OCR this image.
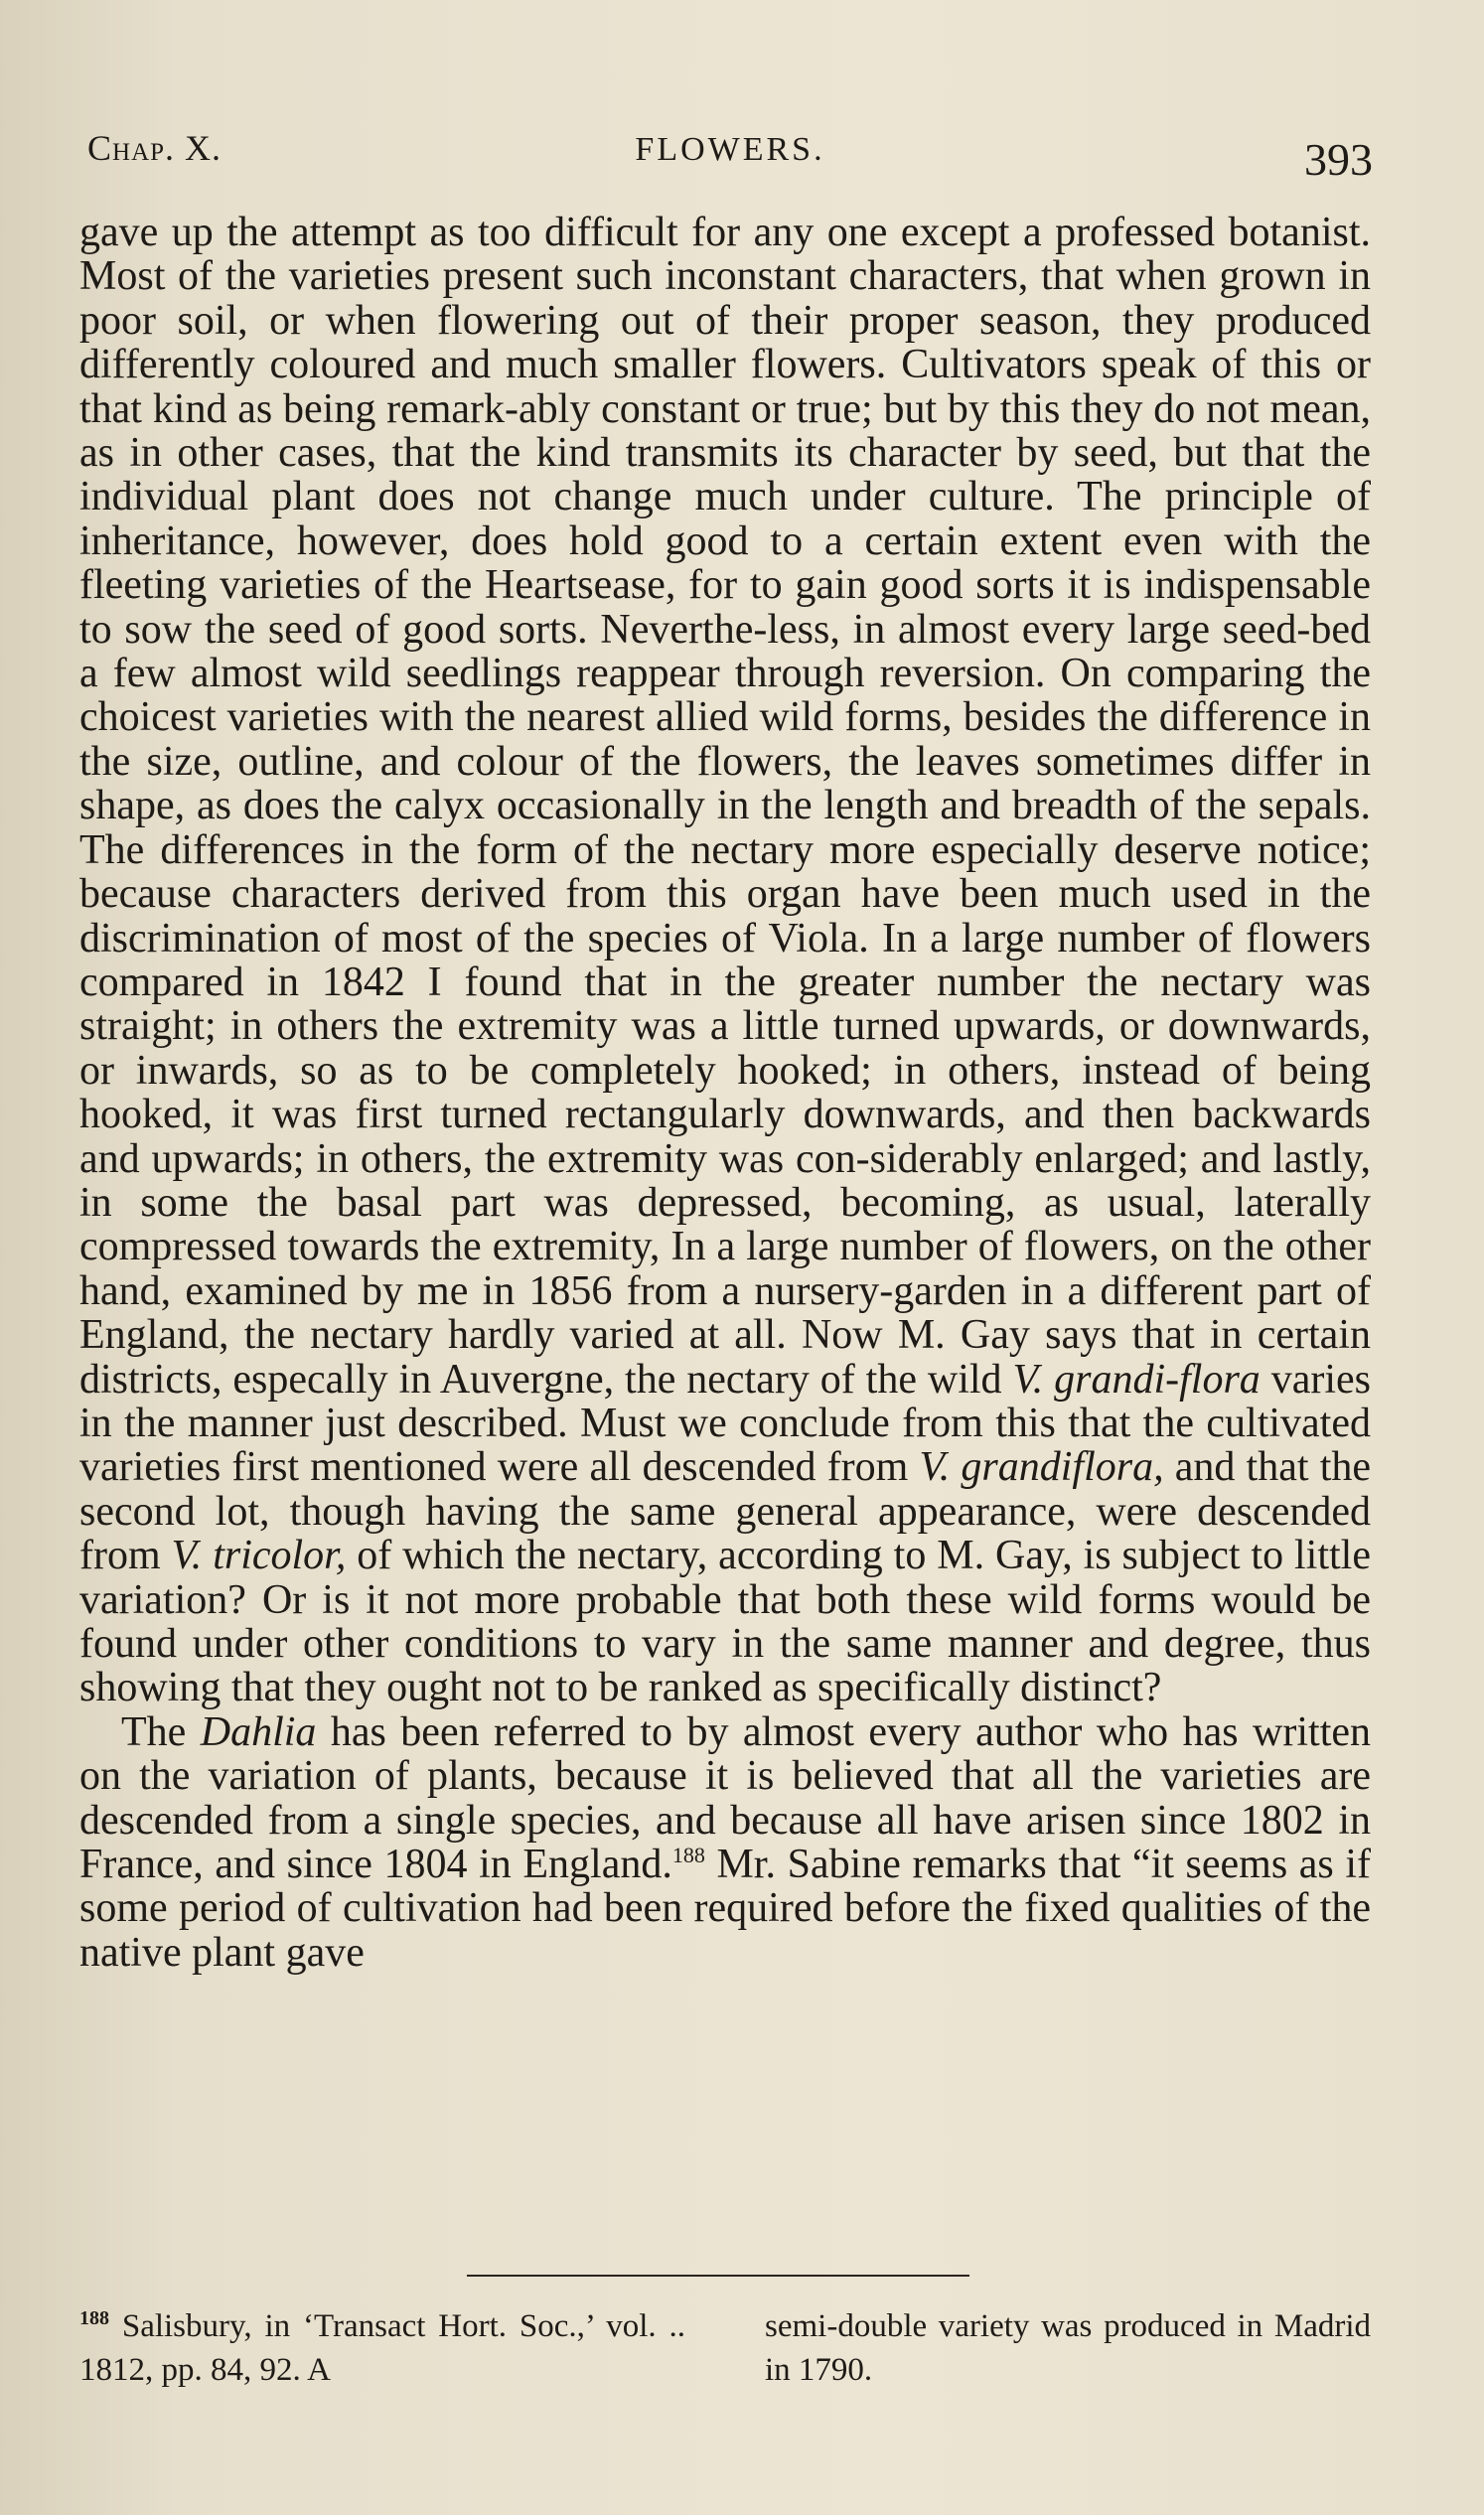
Chap. X.	FLOWERS.	393

gave up the attempt as too difficult for any one except a professed botanist. Most of the varieties present such inconstant characters, that when grown in poor soil, or when flowering out of their proper season, they produced differently coloured and much smaller flowers. Cultivators speak of this or that kind as being remark-ably constant or true; but by this they do not mean, as in other cases, that the kind transmits its character by seed, but that the individual plant does not change much under culture. The principle of inheritance, however, does hold good to a certain extent even with the fleeting varieties of the Heartsease, for to gain good sorts it is indispensable to sow the seed of good sorts. Neverthe-less, in almost every large seed-bed a few almost wild seedlings reappear through reversion. On comparing the choicest varieties with the nearest allied wild forms, besides the difference in the size, outline, and colour of the flowers, the leaves sometimes differ in shape, as does the calyx occasionally in the length and breadth of the sepals. The differences in the form of the nectary more especially deserve notice; because characters derived from this organ have been much used in the discrimination of most of the species of Viola. In a large number of flowers compared in 1842 I found that in the greater number the nectary was straight; in others the extremity was a little turned upwards, or downwards, or inwards, so as to be completely hooked; in others, instead of being hooked, it was first turned rectangularly downwards, and then backwards and upwards; in others, the extremity was con-siderably enlarged; and lastly, in some the basal part was depressed, becoming, as usual, laterally compressed towards the extremity, In a large number of flowers, on the other hand, examined by me in 1856 from a nursery-garden in a different part of England, the nectary hardly varied at all. Now M. Gay says that in certain districts, especally in Auvergne, the nectary of the wild V. grandi-flora varies in the manner just described. Must we conclude from this that the cultivated varieties first mentioned were all descended from V. grandiflora, and that the second lot, though having the same general appearance, were descended from V. tricolor, of which the nectary, according to M. Gay, is subject to little variation? Or is it not more probable that both these wild forms would be found under other conditions to vary in the same manner and degree, thus showing that they ought not to be ranked as specifically distinct?

The Dahlia has been referred to by almost every author who has written on the variation of plants, because it is believed that all the varieties are descended from a single species, and because all have arisen since 1802 in France, and since 1804 in England.$^{188}$ Mr. Sabine remarks that “it seems as if some period of cultivation had been required before the fixed qualities of the native plant gave

$^{188}$ Salisbury, in ‘Transact Hort. Soc.,’ vol. .. 1812, pp. 84, 92. A
semi-double variety was produced in Madrid in 1790.
